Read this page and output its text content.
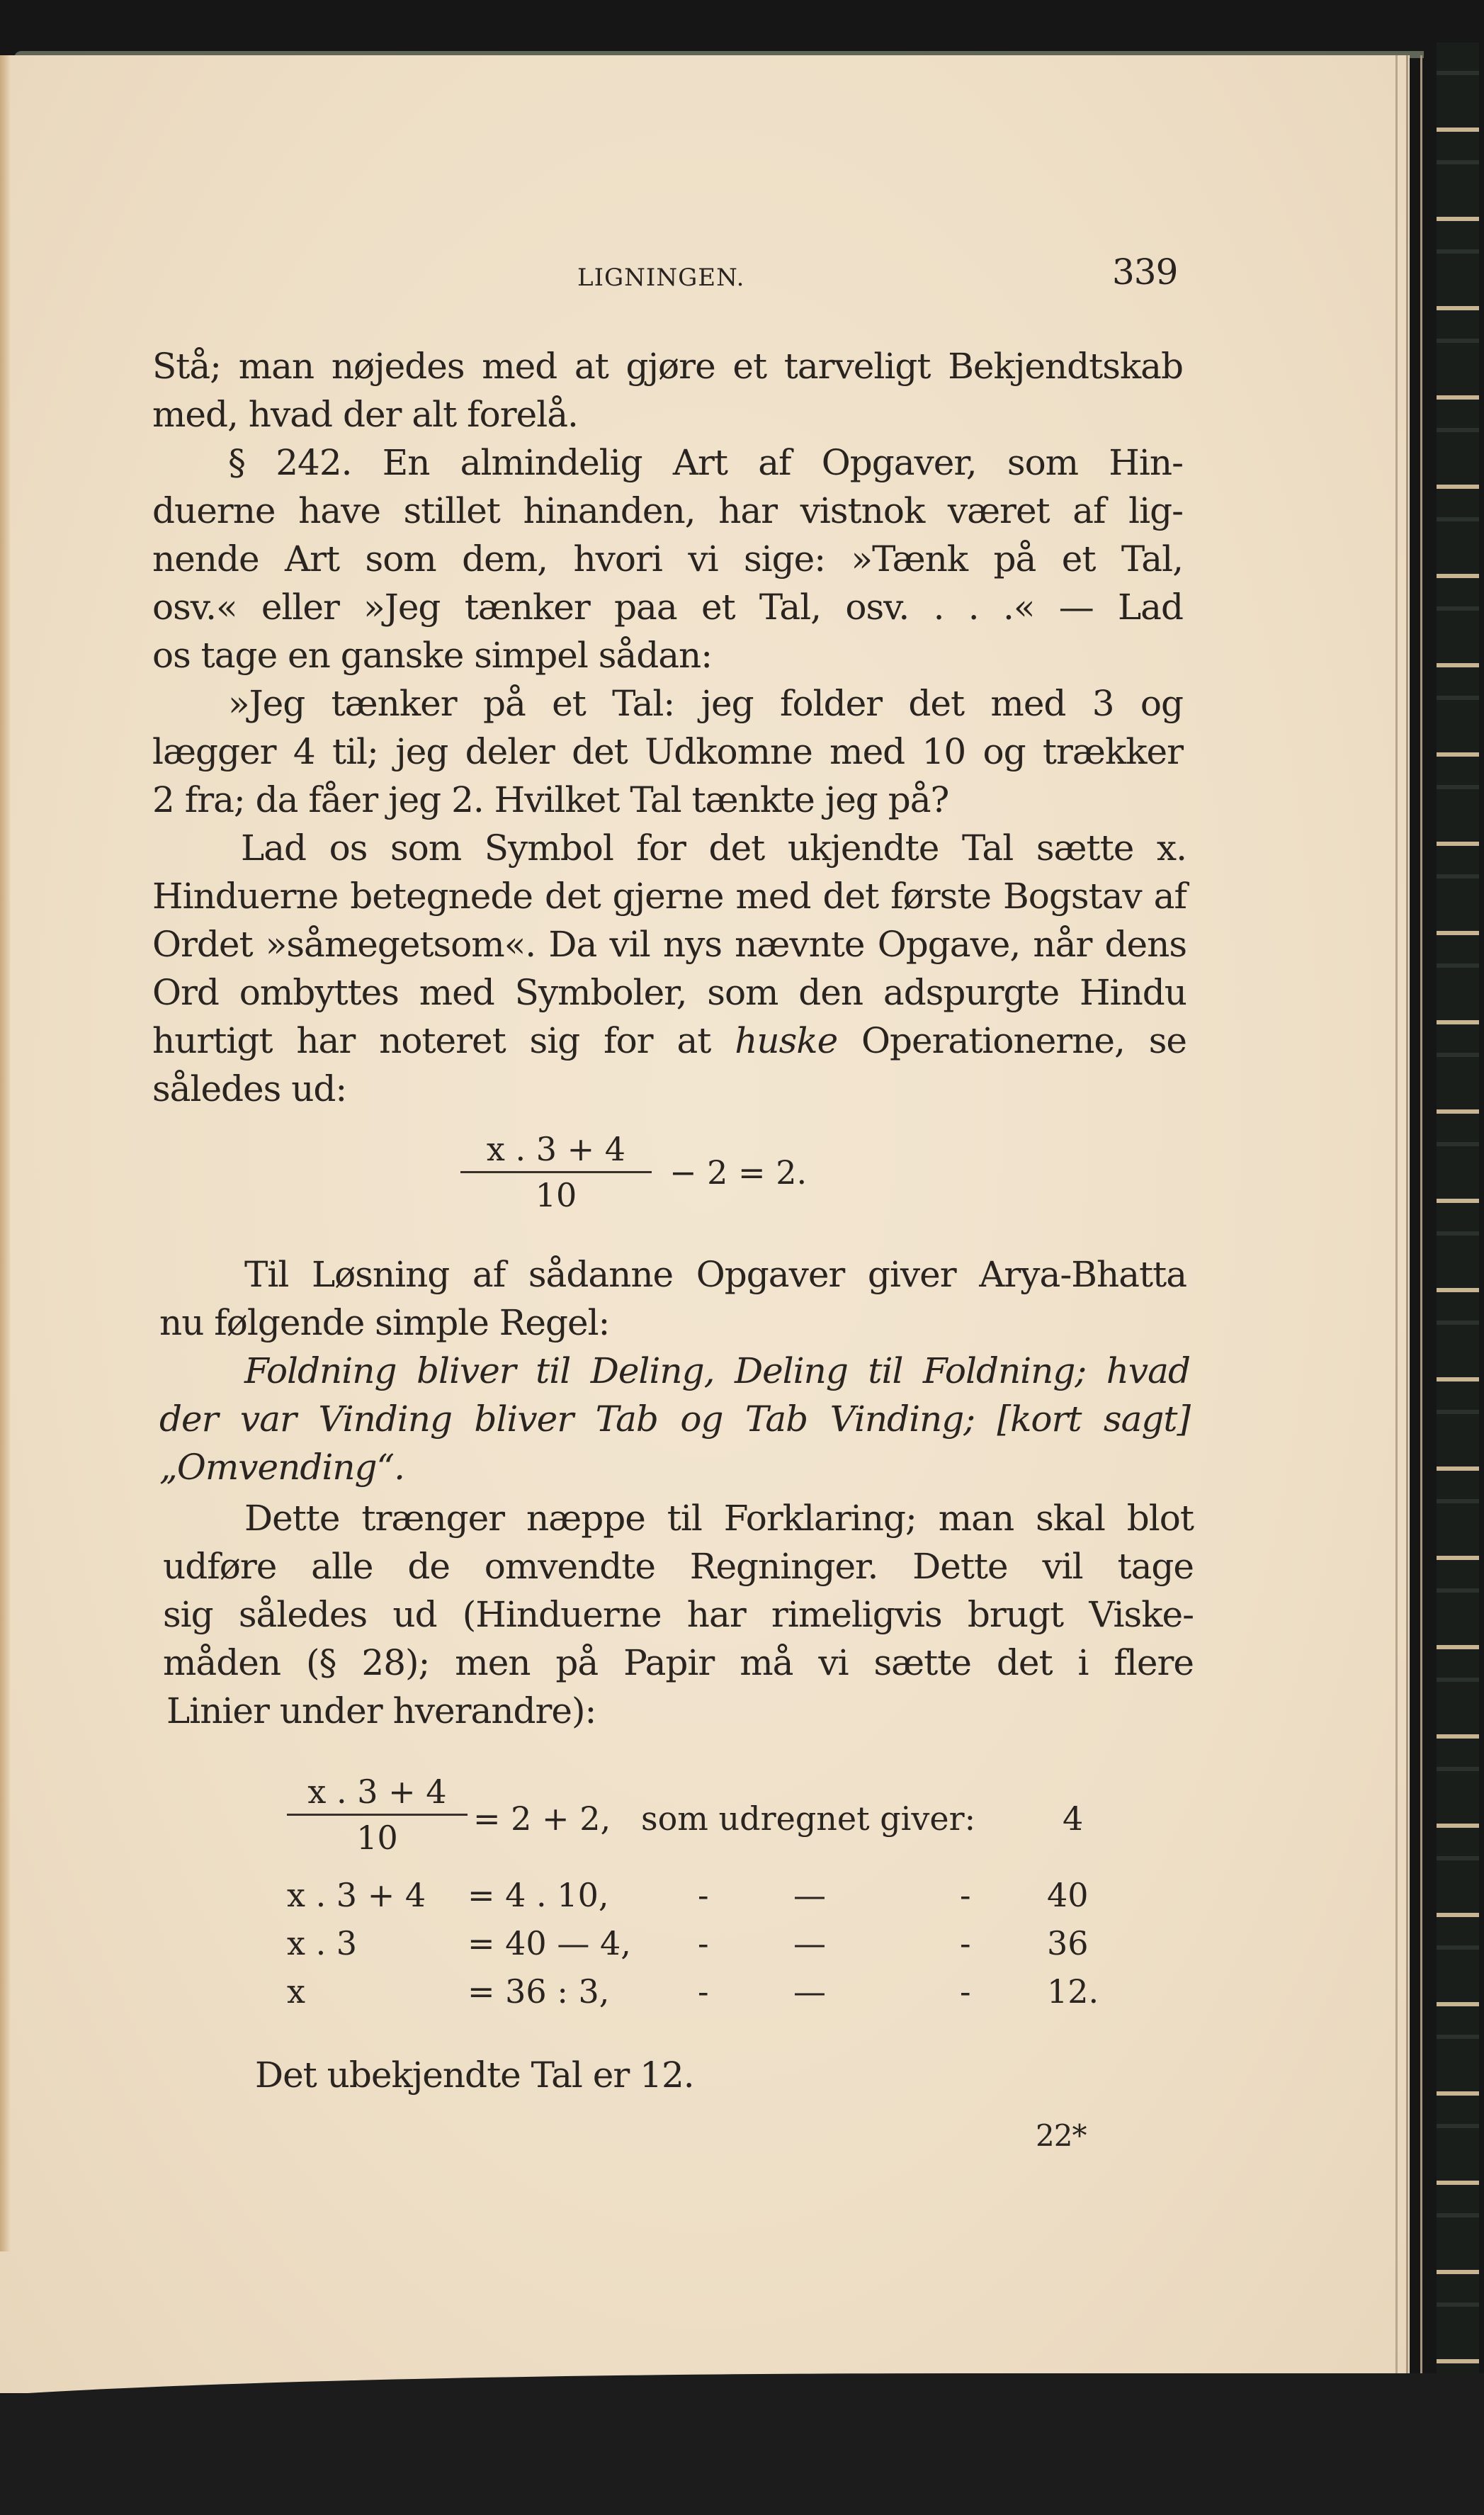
LIGNINGEN.	339
Stå; man nøjedes med at gjøre et tarveligt Bekjendtskab
med, hvad der alt forelå.
§ 242. En almindelig Art af Opgaver, som Hin-
duerne have stillet hinanden, har vistnok været af lig-
nende Art som dem, hvori vi sige: »Tænk på et Tal,
osv.« eller »Jeg tænker paa et Tal, osv. . . .« — Lad
os tage en ganske simpel sådan:
»Jeg tænker på et Tal: jeg folder det med 3 og
lægger 4 til; jeg deler det Udkomne med 10 og trækker
2 fra; da fåer jeg 2. Hvilket Tal tænkte jeg på?
Lad os som Symbol for det ukjendte Tal sætte x.
Hinduerne betegnede det gjerne med det første Bogstav af
Ordet »såmegetsom«. Da vil nys nævnte Opgave, når dens
Ord ombyttes med Symboler, som den adspurgte Hindu
hurtigt har noteret sig for at huske Operationerne, se
således ud:
x . 3 + 4
10
− 2 = 2.
Til Løsning af sådanne Opgaver giver Arya-Bhatta
nu følgende simple Regel:
Foldning bliver til Deling, Deling til Foldning; hvad
der var Vinding bliver Tab og Tab Vinding; [kort sagt]
„Omvending“.
Dette trænger næppe til Forklaring; man skal blot
udføre alle de omvendte Regninger. Dette vil tage
sig således ud (Hinduerne har rimeligvis brugt Viske-
måden (§ 28); men på Papir må vi sætte det i flere
Linier under hverandre):
x . 3 + 4
10	= 2 + 2, som udregnet giver:	4
x . 3 + 4 = 4 . 10,	-	—	- 40
x . 3	= 40 — 4, -	—	- 36
x	= 36 : 3,	-	—	- 12.
Det ubekjendte Tal er 12.
22*
